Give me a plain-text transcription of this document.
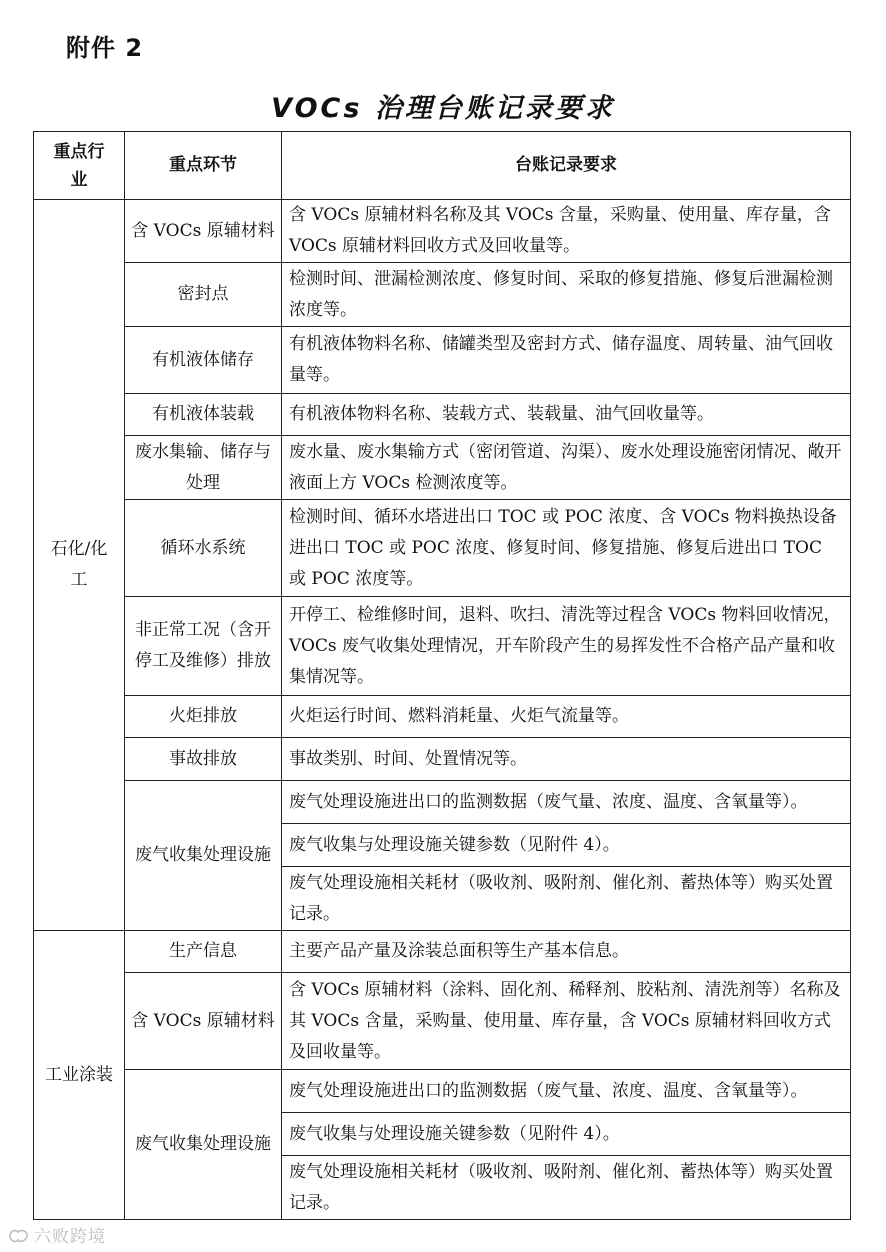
附件 2
VOCs 治理台账记录要求
重点行业	重点环节	台账记录要求
石化/化工	含 VOCs 原辅材料	含 VOCs 原辅材料名称及其 VOCs 含量，采购量、使用量、库存量，含 VOCs 原辅材料回收方式及回收量等。
	密封点	检测时间、泄漏检测浓度、修复时间、采取的修复措施、修复后泄漏检测浓度等。
	有机液体储存	有机液体物料名称、储罐类型及密封方式、储存温度、周转量、油气回收量等。
	有机液体装载	有机液体物料名称、装载方式、装载量、油气回收量等。
	废水集输、储存与处理	废水量、废水集输方式（密闭管道、沟渠）、废水处理设施密闭情况、敞开液面上方 VOCs 检测浓度等。
	循环水系统	检测时间、循环水塔进出口 TOC 或 POC 浓度、含 VOCs 物料换热设备进出口 TOC 或 POC 浓度、修复时间、修复措施、修复后进出口 TOC 或 POC 浓度等。
	非正常工况（含开停工及维修）排放	开停工、检维修时间，退料、吹扫、清洗等过程含 VOCs 物料回收情况，VOCs 废气收集处理情况，开车阶段产生的易挥发性不合格产品产量和收集情况等。
	火炬排放	火炬运行时间、燃料消耗量、火炬气流量等。
	事故排放	事故类别、时间、处置情况等。
	废气收集处理设施	废气处理设施进出口的监测数据（废气量、浓度、温度、含氧量等）。
		废气收集与处理设施关键参数（见附件 4）。
		废气处理设施相关耗材（吸收剂、吸附剂、催化剂、蓄热体等）购买处置记录。
工业涂装	生产信息	主要产品产量及涂装总面积等生产基本信息。
	含 VOCs 原辅材料	含 VOCs 原辅材料（涂料、固化剂、稀释剂、胶粘剂、清洗剂等）名称及其 VOCs 含量，采购量、使用量、库存量，含 VOCs 原辅材料回收方式及回收量等。
	废气收集处理设施	废气处理设施进出口的监测数据（废气量、浓度、温度、含氧量等）。
		废气收集与处理设施关键参数（见附件 4）。
		废气处理设施相关耗材（吸收剂、吸附剂、催化剂、蓄热体等）购买处置记录。
六败跨境
